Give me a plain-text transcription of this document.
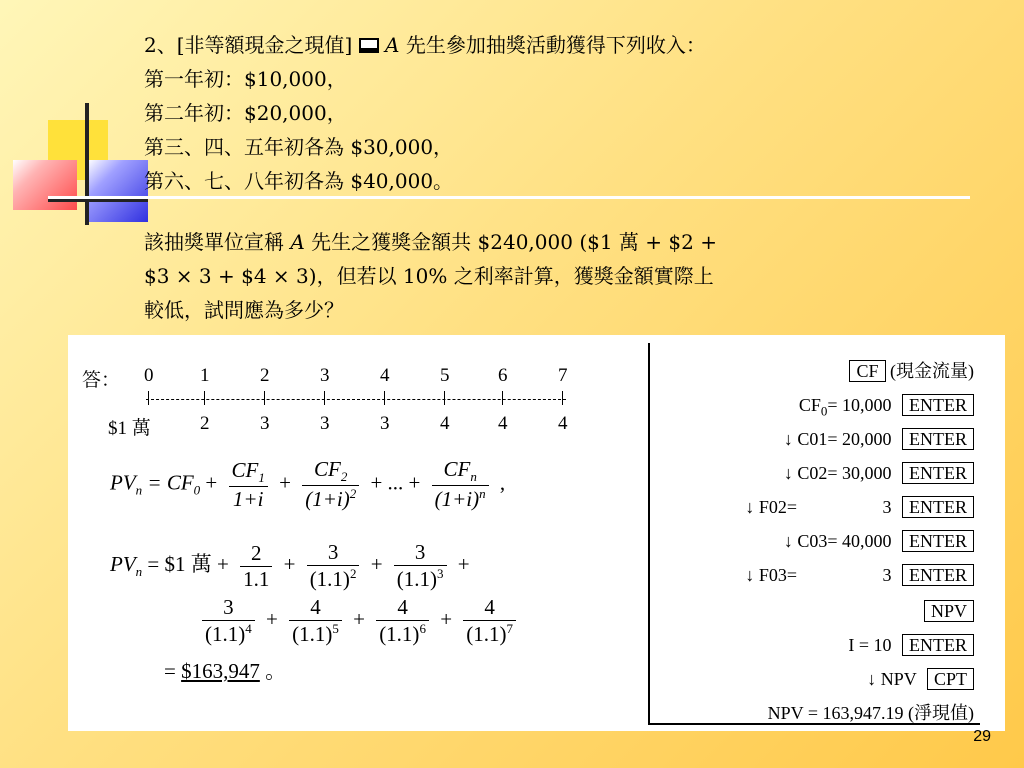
2、[非等額現金之現值]  A 先生參加抽獎活動獲得下列收入：
第一年初：$10,000，
第二年初：$20,000，
第三、四、五年初各為 $30,000，
第六、七、八年初各為 $40,000。
該抽獎單位宣稱 A 先生之獲獎金額共 $240,000 ($1 萬 + $2 +
$3 × 3 + $4 × 3)，但若以 10% 之利率計算，獲獎金額實際上
較低，試問應為多少？
答： 0 1	2	3	4	5	6	7
$1 萬	2	3	3	3	4	4	4
$PV_n = CF_0 + \frac{CF_1}{1+i} + \frac{CF_2}{(1+i)^2}$ + ... + $\frac{CF_n}{(1+i)^n}$ ,
$PV_n$ = $1 萬 + $\frac{2}{1.1} + \frac{3}{(1.1)^2} + \frac{3}{(1.1)^3}$ +
$\frac{3}{(1.1)^4} + \frac{4}{(1.1)^5} + \frac{4}{(1.1)^6} + \frac{4}{(1.1)^7}$
= $163,947 。
CF (現金流量)
$CF_0= 10,000$ ENTER
↓ C01= 20,000 ENTER
↓ C02= 30,000 ENTER
↓ F02=	3 ENTER
↓ C03= 40,000 ENTER
↓ F03=	3 ENTER
NPV
I = 10 ENTER
↓ NPV CPT
NPV = 163,947.19 (淨現值)
29
